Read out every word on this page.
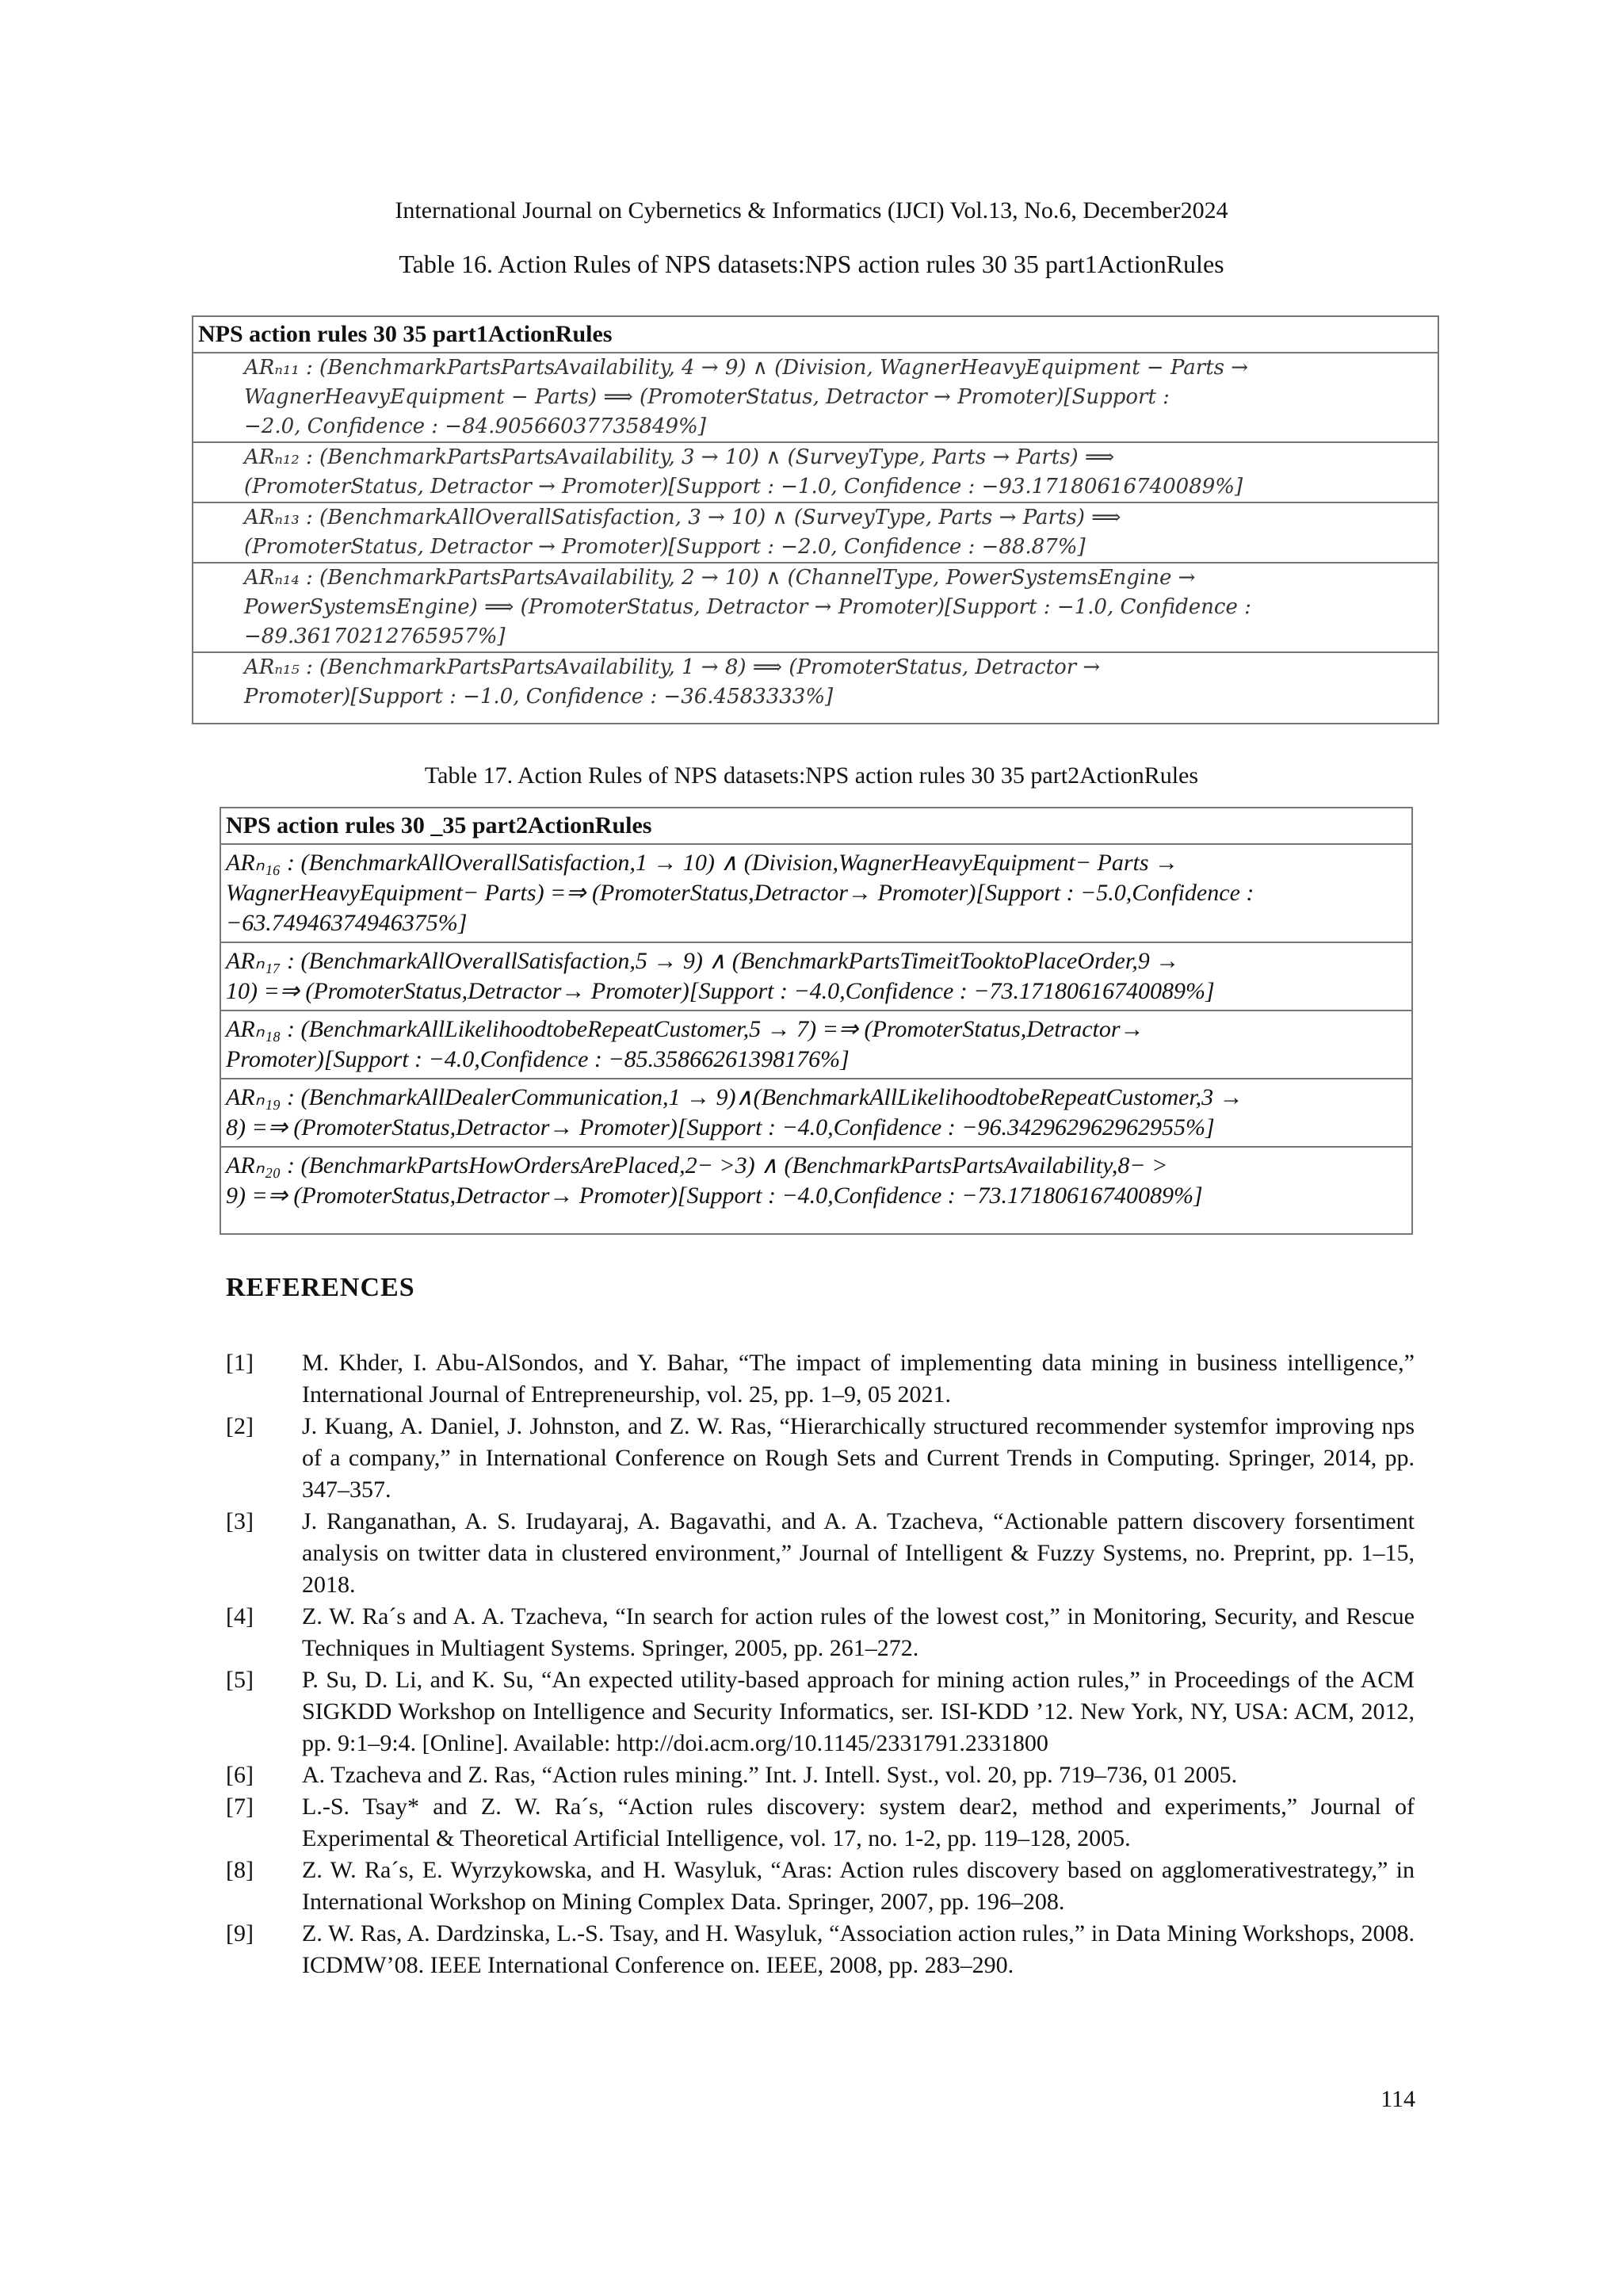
International Journal on Cybernetics & Informatics (IJCI) Vol.13, No.6, December2024
Table 16. Action Rules of NPS datasets:NPS action rules 30 35 part1ActionRules
NPS action rules 30 35 part1ActionRules
ARₙ₁₁ : (BenchmarkPartsPartsAvailability, 4 → 9) ∧ (Division, WagnerHeavyEquipment − Parts →
WagnerHeavyEquipment − Parts) ⟹ (PromoterStatus, Detractor → Promoter)[Support :
−2.0, Confidence : −84.90566037735849%]
ARₙ₁₂ : (BenchmarkPartsPartsAvailability, 3 → 10) ∧ (SurveyType, Parts → Parts) ⟹
(PromoterStatus, Detractor → Promoter)[Support : −1.0, Confidence : −93.17180616740089%]
ARₙ₁₃ : (BenchmarkAllOverallSatisfaction, 3 → 10) ∧ (SurveyType, Parts → Parts) ⟹
(PromoterStatus, Detractor → Promoter)[Support : −2.0, Confidence : −88.87%]
ARₙ₁₄ : (BenchmarkPartsPartsAvailability, 2 → 10) ∧ (ChannelType, PowerSystemsEngine →
PowerSystemsEngine) ⟹ (PromoterStatus, Detractor → Promoter)[Support : −1.0, Confidence :
−89.36170212765957%]
ARₙ₁₅ : (BenchmarkPartsPartsAvailability, 1 → 8) ⟹ (PromoterStatus, Detractor →
Promoter)[Support : −1.0, Confidence : −36.4583333%]
Table 17. Action Rules of NPS datasets:NPS action rules 30 35 part2ActionRules
NPS action rules 30 _35 part2ActionRules
ARₙ₁₆ : (BenchmarkAllOverallSatisfaction,1 → 10) ∧ (Division,WagnerHeavyEquipment− Parts →
WagnerHeavyEquipment− Parts) =⇒ (PromoterStatus,Detractor→ Promoter)[Support : −5.0,Confidence :
−63.74946374946375%]
ARₙ₁₇ : (BenchmarkAllOverallSatisfaction,5 → 9) ∧ (BenchmarkPartsTimeitTooktoPlaceOrder,9 →
10) =⇒ (PromoterStatus,Detractor→ Promoter)[Support : −4.0,Confidence : −73.17180616740089%]
ARₙ₁₈ : (BenchmarkAllLikelihoodtobeRepeatCustomer,5 → 7) =⇒ (PromoterStatus,Detractor→
Promoter)[Support : −4.0,Confidence : −85.35866261398176%]
ARₙ₁₉ : (BenchmarkAllDealerCommunication,1 → 9)∧(BenchmarkAllLikelihoodtobeRepeatCustomer,3 →
8) =⇒ (PromoterStatus,Detractor→ Promoter)[Support : −4.0,Confidence : −96.342962962962955%]
ARₙ₂₀ : (BenchmarkPartsHowOrdersArePlaced,2− >3) ∧ (BenchmarkPartsPartsAvailability,8− >
9) =⇒ (PromoterStatus,Detractor→ Promoter)[Support : −4.0,Confidence : −73.17180616740089%]
REFERENCES
[1]	M. Khder, I. Abu-AlSondos, and Y. Bahar, “The impact of implementing data mining in business intelligence,” International Journal of Entrepreneurship, vol. 25, pp. 1–9, 05 2021.
[2]	J. Kuang, A. Daniel, J. Johnston, and Z. W. Ras, “Hierarchically structured recommender systemfor improving nps of a company,” in International Conference on Rough Sets and Current Trends in Computing. Springer, 2014, pp. 347–357.
[3]	J. Ranganathan, A. S. Irudayaraj, A. Bagavathi, and A. A. Tzacheva, “Actionable pattern discovery forsentiment analysis on twitter data in clustered environment,” Journal of Intelligent & Fuzzy Systems, no. Preprint, pp. 1–15, 2018.
[4]	Z. W. Ra´s and A. A. Tzacheva, “In search for action rules of the lowest cost,” in Monitoring, Security, and Rescue Techniques in Multiagent Systems. Springer, 2005, pp. 261–272.
[5]	P. Su, D. Li, and K. Su, “An expected utility-based approach for mining action rules,” in Proceedings of the ACM SIGKDD Workshop on Intelligence and Security Informatics, ser. ISI-KDD ’12. New York, NY, USA: ACM, 2012, pp. 9:1–9:4. [Online]. Available: http://doi.acm.org/10.1145/2331791.2331800
[6]	A. Tzacheva and Z. Ras, “Action rules mining.” Int. J. Intell. Syst., vol. 20, pp. 719–736, 01 2005.
[7]	L.-S. Tsay* and Z. W. Ra´s, “Action rules discovery: system dear2, method and experiments,” Journal of Experimental & Theoretical Artificial Intelligence, vol. 17, no. 1-2, pp. 119–128, 2005.
[8]	Z. W. Ra´s, E. Wyrzykowska, and H. Wasyluk, “Aras: Action rules discovery based on agglomerativestrategy,” in International Workshop on Mining Complex Data. Springer, 2007, pp. 196–208.
[9]	Z. W. Ras, A. Dardzinska, L.-S. Tsay, and H. Wasyluk, “Association action rules,” in Data Mining Workshops, 2008. ICDMW’08. IEEE International Conference on. IEEE, 2008, pp. 283–290.
114
